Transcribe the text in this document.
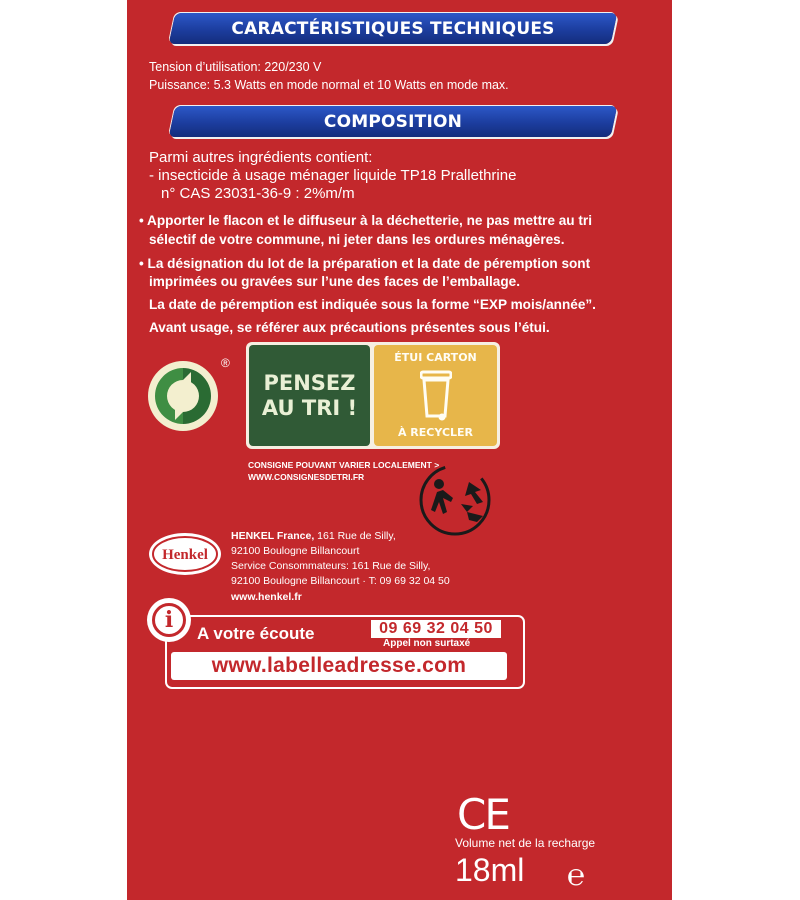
CARACTÉRISTIQUES TECHNIQUES
Tension d’utilisation: 220/230 V
Puissance: 5.3 Watts en mode normal et 10 Watts en mode max.
COMPOSITION
Parmi autres ingrédients contient:
- insecticide à usage ménager liquide TP18 Prallethrine
n° CAS 23031-36-9 : 2%m/m
• Apporter le flacon et le diffuseur à la déchetterie, ne pas mettre au tri
sélectif de votre commune, ni jeter dans les ordures ménagères.
• La désignation du lot de la préparation et la date de péremption sont
imprimées ou gravées sur l’une des faces de l’emballage.
La date de péremption est indiquée sous la forme “EXP mois/année”.
Avant usage, se référer aux précautions présentes sous l’étui.
®
PENSEZ
AU TRI !
ÉTUI CARTON
À RECYCLER
CONSIGNE POUVANT VARIER LOCALEMENT >
WWW.CONSIGNESDETRI.FR
Henkel
HENKEL France, 161 Rue de Silly,
92100 Boulogne Billancourt
Service Consommateurs: 161 Rue de Silly,
92100 Boulogne Billancourt · T: 09 69 32 04 50
www.henkel.fr
i
A votre écoute	09 69 32 04 50
Appel non surtaxé
www.labelleadresse.com
CE
Volume net de la recharge
18ml ℮
